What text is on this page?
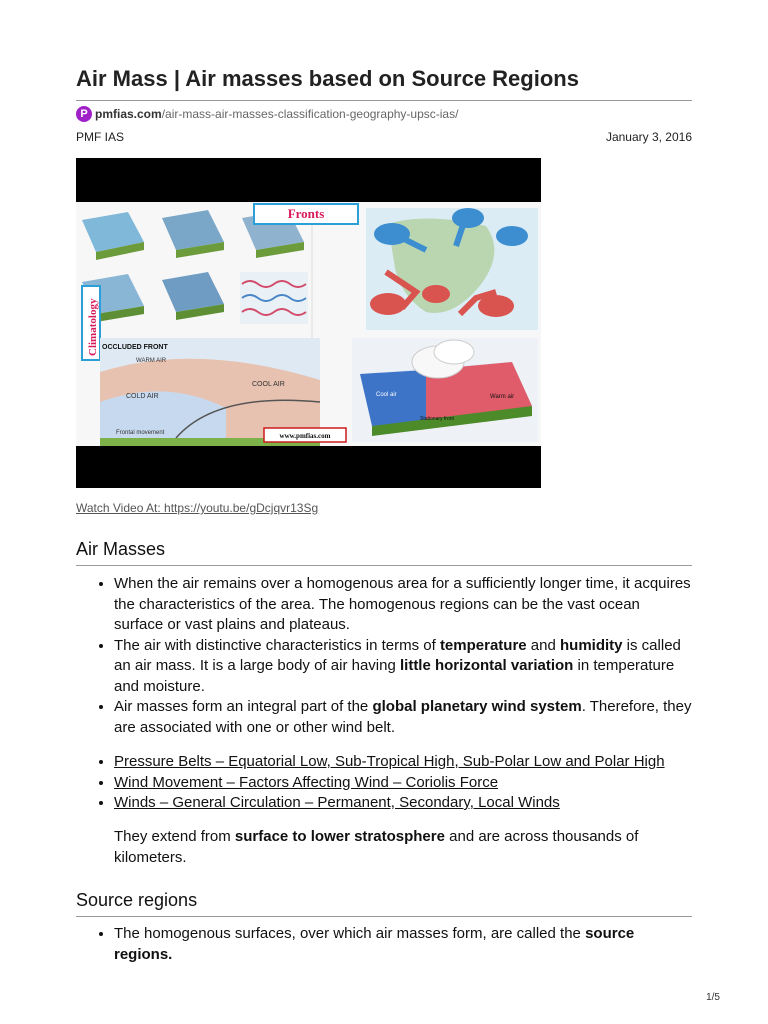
Air Mass | Air masses based on Source Regions
P pmfias.com/air-mass-air-masses-classification-geography-upsc-ias/
PMF IAS	January 3, 2016
Watch Video At: https://youtu.be/gDcjqvr13Sg
Air Masses
• When the air remains over a homogenous area for a sufficiently longer time, it acquires the characteristics of the area. The homogenous regions can be the vast ocean surface or vast plains and plateaus.
• The air with distinctive characteristics in terms of temperature and humidity is called an air mass. It is a large body of air having little horizontal variation in temperature and moisture.
• Air masses form an integral part of the global planetary wind system. Therefore, they are associated with one or other wind belt.
• Pressure Belts – Equatorial Low, Sub-Tropical High, Sub-Polar Low and Polar High
• Wind Movement – Factors Affecting Wind – Coriolis Force
• Winds – General Circulation – Permanent, Secondary, Local Winds

They extend from surface to lower stratosphere and are across thousands of kilometers.

Source regions
• The homogenous surfaces, over which air masses form, are called the source regions.
Fronts
Climatology OCCLUDED FRONT
WARM AIR
COOL AIR
COLD AIR
Frontal movement	www.pmfias.com
Cool air	Warm air
Stationary front
1/5
